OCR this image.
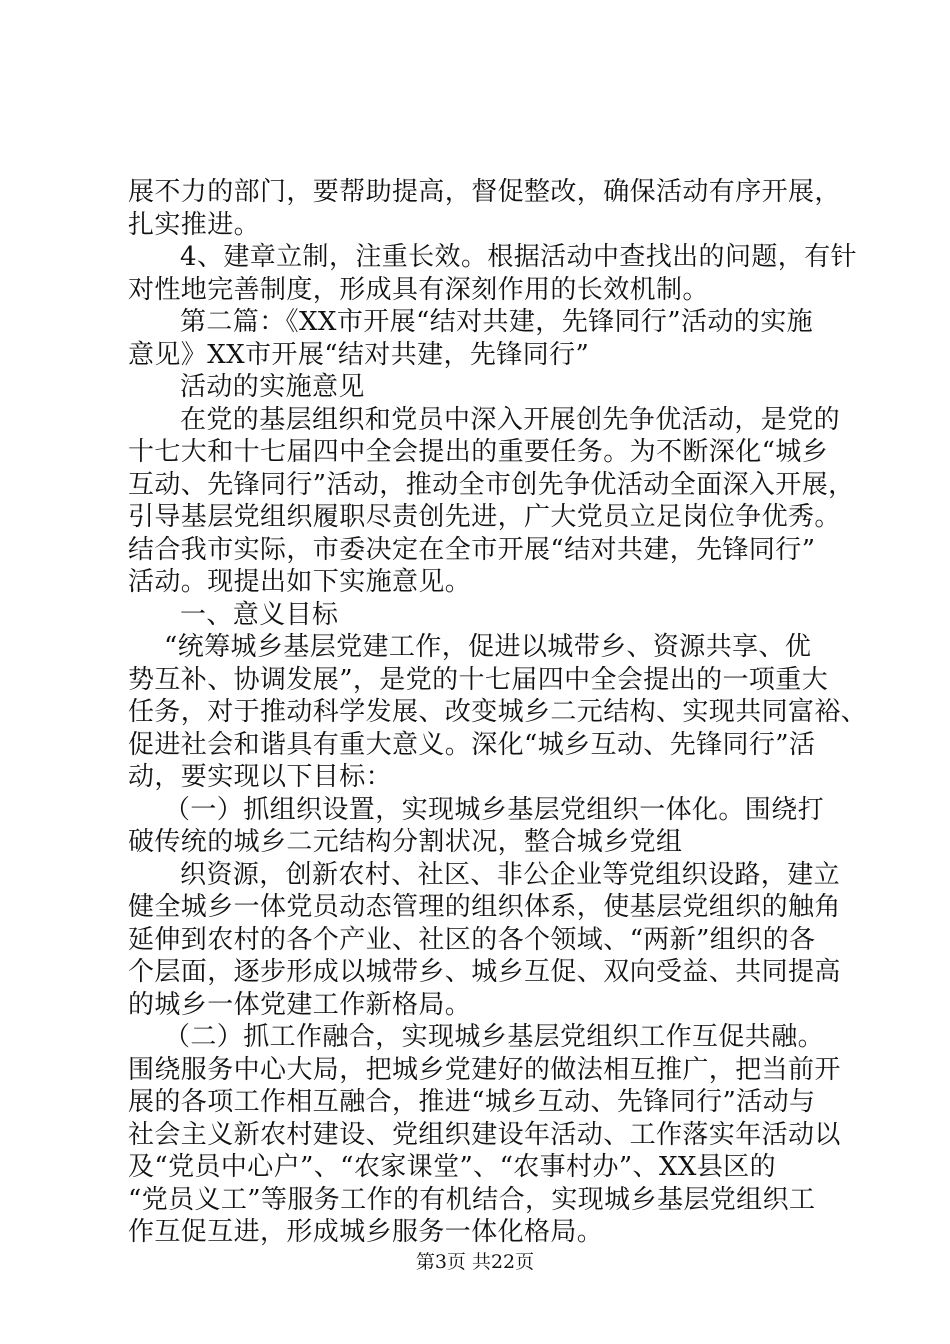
展不力的部门，要帮助提高，督促整改，确保活动有序开展，
扎实推进。
4、建章立制，注重长效。根据活动中查找出的问题，有针
对性地完善制度，形成具有深刻作用的长效机制。
第二篇：《XX市开展“结对共建，先锋同行”活动的实施
意见》XX市开展“结对共建，先锋同行”
活动的实施意见
在党的基层组织和党员中深入开展创先争优活动，是党的
十七大和十七届四中全会提出的重要任务。为不断深化“城乡
互动、先锋同行”活动，推动全市创先争优活动全面深入开展，
引导基层党组织履职尽责创先进，广大党员立足岗位争优秀。
结合我市实际，市委决定在全市开展“结对共建，先锋同行”
活动。现提出如下实施意见。
一、意义目标
“统筹城乡基层党建工作，促进以城带乡、资源共享、优
势互补、协调发展”，是党的十七届四中全会提出的一项重大
任务，对于推动科学发展、改变城乡二元结构、实现共同富裕、
促进社会和谐具有重大意义。深化“城乡互动、先锋同行”活
动，要实现以下目标：
（一）抓组织设置，实现城乡基层党组织一体化。围绕打
破传统的城乡二元结构分割状况，整合城乡党组
织资源，创新农村、社区、非公企业等党组织设路，建立
健全城乡一体党员动态管理的组织体系，使基层党组织的触角
延伸到农村的各个产业、社区的各个领域、“两新”组织的各
个层面，逐步形成以城带乡、城乡互促、双向受益、共同提高
的城乡一体党建工作新格局。
（二）抓工作融合，实现城乡基层党组织工作互促共融。
围绕服务中心大局，把城乡党建好的做法相互推广，把当前开
展的各项工作相互融合，推进“城乡互动、先锋同行”活动与
社会主义新农村建设、党组织建设年活动、工作落实年活动以
及“党员中心户”、“农家课堂”、“农事村办”、XX县区的
“党员义工”等服务工作的有机结合，实现城乡基层党组织工
作互促互进，形成城乡服务一体化格局。
第3页 共22页
